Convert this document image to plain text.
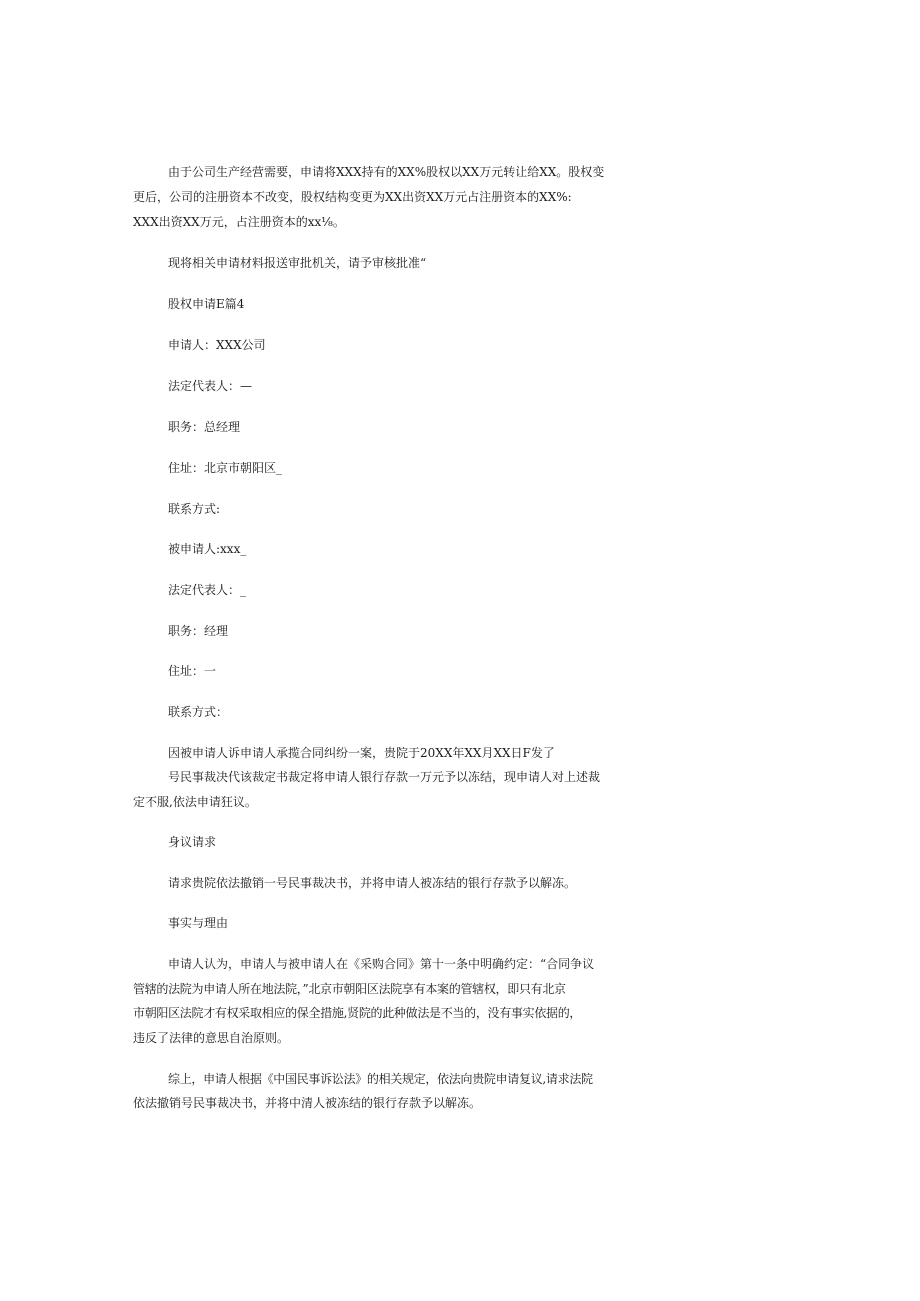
由于公司生产经营需要，申请将XXX持有的XX%股权以XX万元转让给XX。股权变
更后，公司的注册资本不改变，股权结构变更为XX出资XX万元占注册资本的XX%:
XXX出资XX万元，占注册资本的xx⅛。
现将相关申请材料报送审批机关，请予审核批准“
股权申请E篇4
申请人：XXX公司
法定代表人：—
职务：总经理
住址：北京市朝阳区_
联系方式:
被申请人:xxx_
法定代表人：_
职务：经理
住址：一
联系方式：
因被申请人诉申请人承揽合同纠纷一案，贵院于20XX年XX月XX日F发了
号民事裁决代该裁定书裁定将申请人银行存款一万元予以冻结，现申请人对上述裁
定不服,依法申请狂议。
身议请求
请求贵院依法撤销一号民事裁决书，并将申请人被冻结的银行存款予以解冻。
事实与理由
申请人认为，申请人与被申请人在《采购合同》第十一条中明确约定：“合同争议
管辖的法院为申请人所在地法院，”北京市朝阳区法院享有本案的管辖权，即只有北京
市朝阳区法院才有权采取相应的保全措施,贤院的此种做法是不当的，没有事实依据的，
违反了法律的意思自治原则。
综上，申请人根据《中国民事诉讼法》的相关规定，依法向贵院申请复议,请求法院
依法撤销号民事裁决书，并将中清人被冻结的银行存款予以解冻。
